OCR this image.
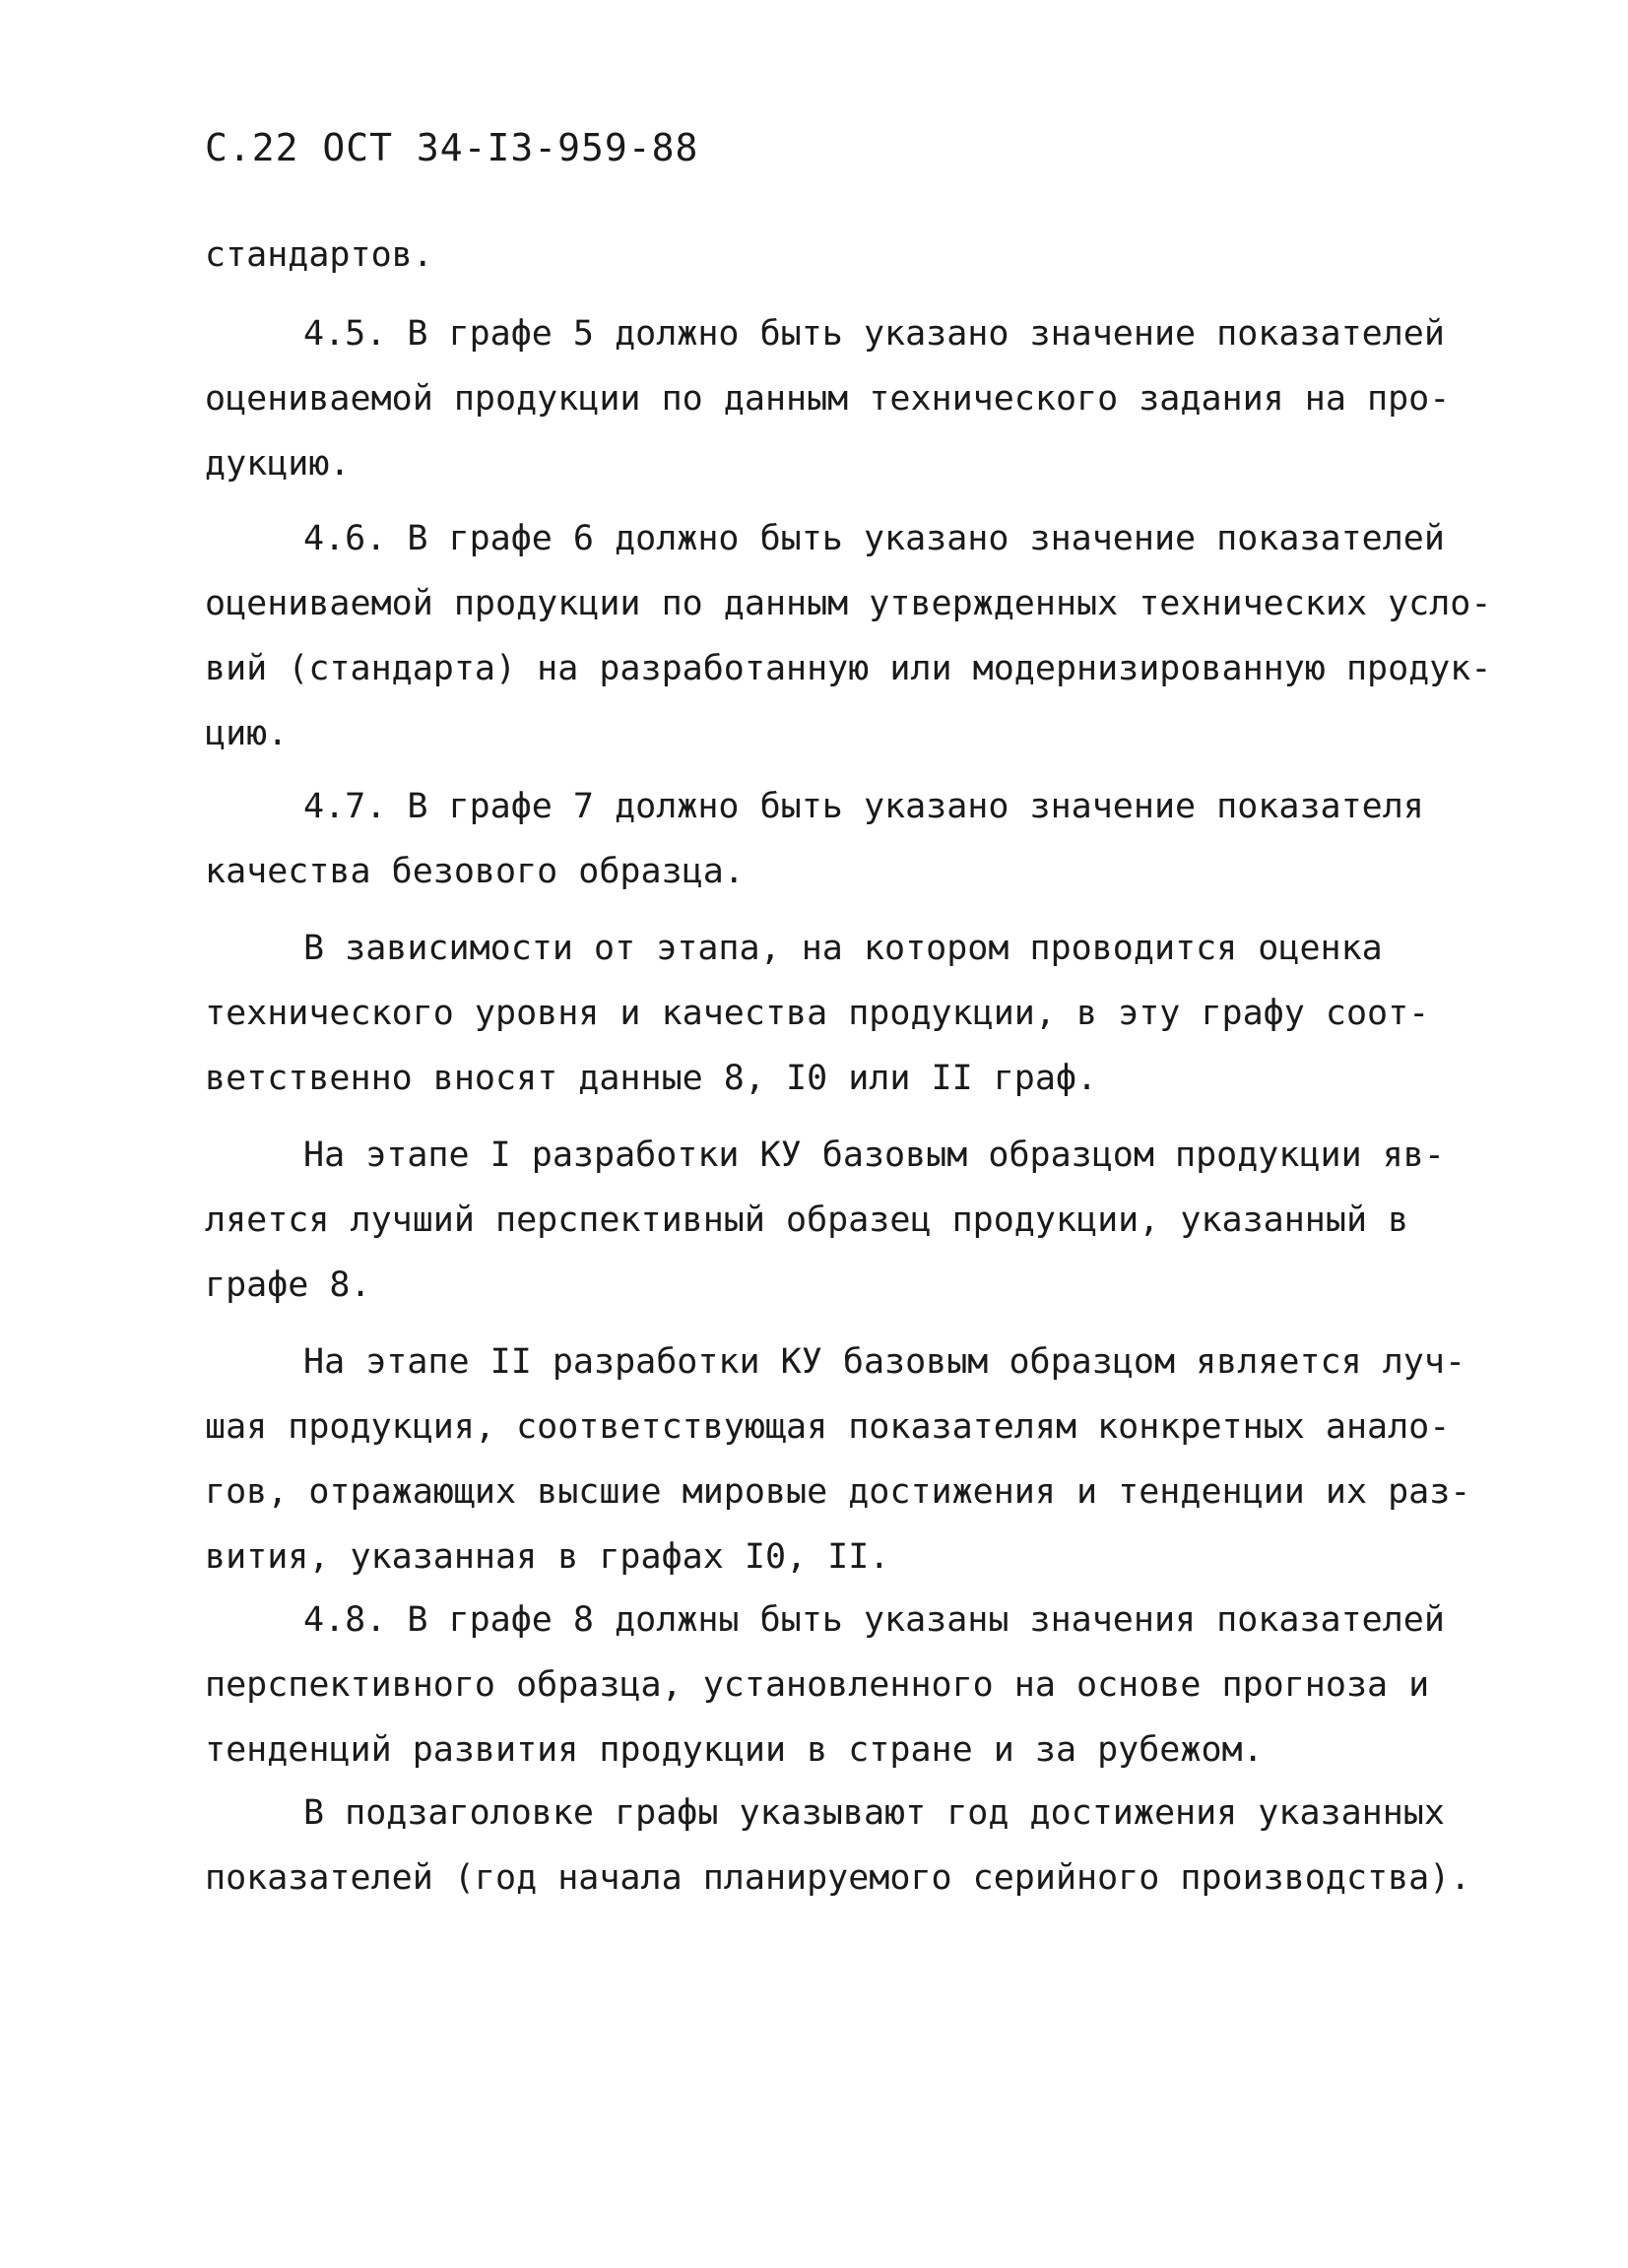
С.22 ОСТ 34-I3-959-88
стандартов.
4.5. В графе 5 должно быть указано значение показателей
оцениваемой продукции по данным технического задания на про-
дукцию.
4.6. В графе 6 должно быть указано значение показателей
оцениваемой продукции по данным утвержденных технических усло-
вий (стандарта) на разработанную или модернизированную продук-
цию.
4.7. В графе 7 должно быть указано значение показателя
качества безового образца.
В зависимости от этапа, на котором проводится оценка
технического уровня и качества продукции, в эту графу соот-
ветственно вносят данные 8, I0 или II граф.
На этапе I разработки КУ базовым образцом продукции яв-
ляется лучший перспективный образец продукции, указанный в
графе 8.
На этапе II разработки КУ базовым образцом является луч-
шая продукция, соответствующая показателям конкретных анало-
гов, отражающих высшие мировые достижения и тенденции их раз-
вития, указанная в графах I0, II.
4.8. В графе 8 должны быть указаны значения показателей
перспективного образца, установленного на основе прогноза и
тенденций развития продукции в стране и за рубежом.
В подзаголовке графы указывают год достижения указанных
показателей (год начала планируемого серийного производства).
